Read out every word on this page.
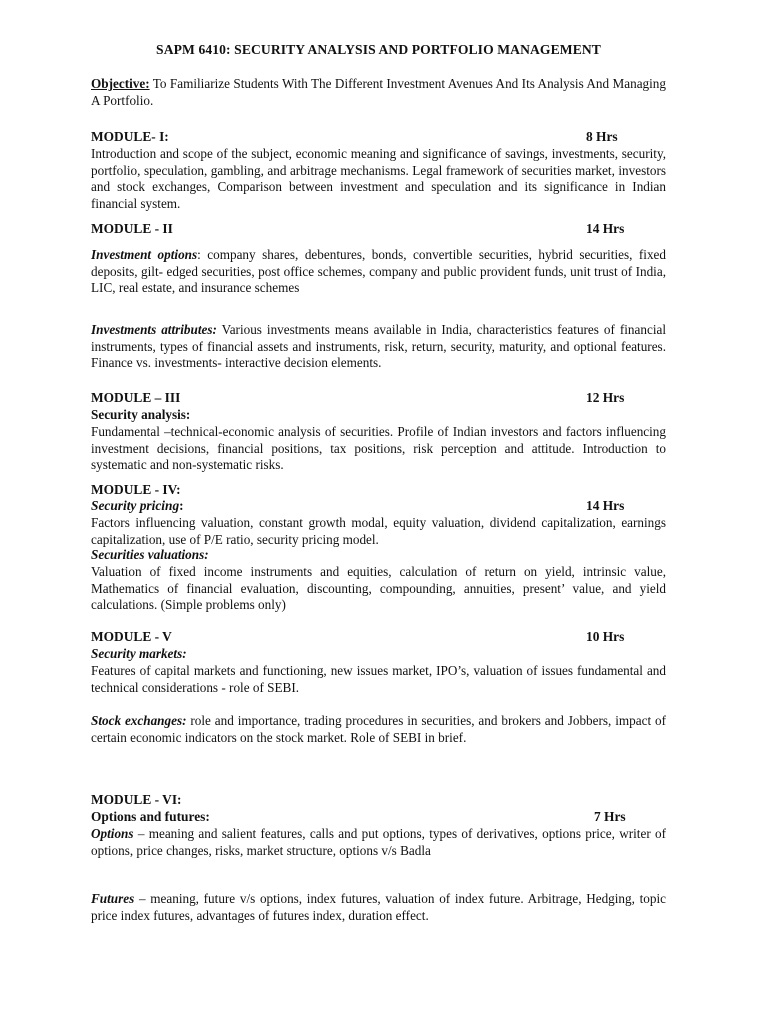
SAPM 6410: SECURITY ANALYSIS AND PORTFOLIO MANAGEMENT

Objective: To Familiarize Students With The Different Investment Avenues And Its Analysis And Managing A Portfolio.

MODULE- I:	8 Hrs

Introduction and scope of the subject, economic meaning and significance of savings, investments, security, portfolio, speculation, gambling, and arbitrage mechanisms. Legal framework of securities market, investors and stock exchanges, Comparison between investment and speculation and its significance in Indian financial system.

MODULE - II	14 Hrs

Investment options: company shares, debentures, bonds, convertible securities, hybrid securities, fixed deposits, gilt- edged securities, post office schemes, company and public provident funds, unit trust of India, LIC, real estate, and insurance schemes

Investments attributes: Various investments means available in India, characteristics features of financial instruments, types of financial assets and instruments, risk, return, security, maturity, and optional features. Finance vs. investments- interactive decision elements.

MODULE – III	12 Hrs
Security analysis:

Fundamental –technical-economic analysis of securities. Profile of Indian investors and factors influencing investment decisions, financial positions, tax positions, risk perception and attitude. Introduction to systematic and non-systematic risks.

MODULE - IV:
Security pricing:	14 Hrs

Factors influencing valuation, constant growth modal, equity valuation, dividend capitalization, earnings capitalization, use of P/E ratio, security pricing model.

Securities valuations:

Valuation of fixed income instruments and equities, calculation of return on yield, intrinsic value, Mathematics of financial evaluation, discounting, compounding, annuities, present’ value, and yield calculations. (Simple problems only)

MODULE - V	10 Hrs
Security markets:

Features of capital markets and functioning, new issues market, IPO’s, valuation of issues fundamental and technical considerations - role of SEBI.

Stock exchanges: role and importance, trading procedures in securities, and brokers and Jobbers, impact of certain economic indicators on the stock market. Role of SEBI in brief.

MODULE - VI:
Options and futures:	7 Hrs

Options – meaning and salient features, calls and put options, types of derivatives, options price, writer of options, price changes, risks, market structure, options v/s Badla

Futures – meaning, future v/s options, index futures, valuation of index future. Arbitrage, Hedging, topic price index futures, advantages of futures index, duration effect.
